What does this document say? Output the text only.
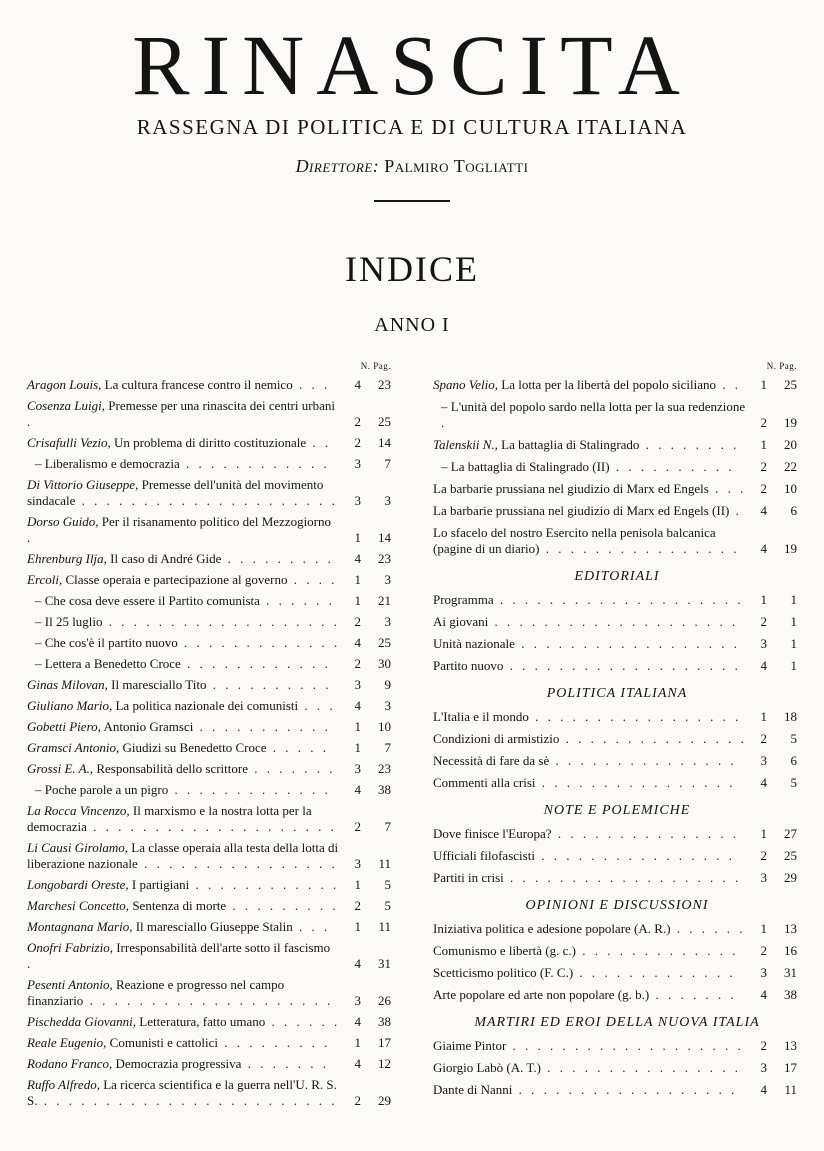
RINASCITA
RASSEGNA DI POLITICA E DI CULTURA ITALIANA
Direttore: Palmiro Togliatti
INDICE
ANNO I
N. Pag.
Aragon Louis, La cultura francese contro il nemico . . .	4 23
Cosenza Luigi, Premesse per una rinascita dei centri urbani .	2 25
Crisafulli Vezio, Un problema di diritto costituzionale . .	2 14
– Liberalismo e democrazia . . . . . . . . . . . .	3 7
Di Vittorio Giuseppe, Premesse dell'unità del movimento sindacale . . . . . . . . . . . . . . . . . . . . .	3 3
Dorso Guido, Per il risanamento politico del Mezzogiorno .	1 14
Ehrenburg Ilja, Il caso di André Gide . . . . . . . . .	4 23
Ercoli, Classe operaia e partecipazione al governo . . . .	1 3
– Che cosa deve essere il Partito comunista . . . . . .	1 21
– Il 25 luglio . . . . . . . . . . . . . . . . . . .	2 3
– Che cos'è il partito nuovo . . . . . . . . . . . . .	4 25
– Lettera a Benedetto Croce . . . . . . . . . . . .	2 30
Ginas Milovan, Il maresciallo Tito . . . . . . . . . .	3 9
Giuliano Mario, La politica nazionale dei comunisti . . .	4 3
Gobetti Piero, Antonio Gramsci . . . . . . . . . . .	1 10
Gramsci Antonio, Giudizi su Benedetto Croce . . . . .	1 7
Grossi E. A., Responsabilità dello scrittore . . . . . . .	3 23
– Poche parole a un pigro . . . . . . . . . . . . .	4 38
La Rocca Vincenzo, Il marxismo e la nostra lotta per la democrazia . . . . . . . . . . . . . . . . . . . .	2 7
Li Causi Girolamo, La classe operaia alla testa della lotta di liberazione nazionale . . . . . . . . . . . . . . . .	3 11
Longobardi Oreste, I partigiani . . . . . . . . . . . .	1 5
Marchesi Concetto, Sentenza di morte . . . . . . . . .	2 5
Montagnana Mario, Il maresciallo Giuseppe Stalin . . .	1 11
Onofri Fabrizio, Irresponsabilità dell'arte sotto il fascismo .	4 31
Pesenti Antonio, Reazione e progresso nel campo finanziario . . . . . . . . . . . . . . . . . . . .	3 26
Pischedda Giovanni, Letteratura, fatto umano . . . . . .	4 38
Reale Eugenio, Comunisti e cattolici . . . . . . . . .	1 17
Rodano Franco, Democrazia progressiva . . . . . . .	4 12
Ruffo Alfredo, La ricerca scientifica e la guerra nell'U. R. S. S. . . . . . . . . . . . . . . . . . . . . . . . .	2 29
N. Pag.
Spano Velio, La lotta per la libertà del popolo siciliano . .	1 25
– L'unità del popolo sardo nella lotta per la sua redenzione .	2 19
Talenskii N., La battaglia di Stalingrado . . . . . . . .	1 20
– La battaglia di Stalingrado (II) . . . . . . . . . .	2 22
La barbarie prussiana nel giudizio di Marx ed Engels . . .	2 10
La barbarie prussiana nel giudizio di Marx ed Engels (II) .	4 6
Lo sfacelo del nostro Esercito nella penisola balcanica (pagine di un diario) . . . . . . . . . . . . . . . .	4 19
EDITORIALI
Programma . . . . . . . . . . . . . . . . . . . .	1 1
Ai giovani . . . . . . . . . . . . . . . . . . . .	2 1
Unità nazionale . . . . . . . . . . . . . . . . . .	3 1
Partito nuovo . . . . . . . . . . . . . . . . . . .	4 1
POLITICA ITALIANA
L'Italia e il mondo . . . . . . . . . . . . . . . . .	1 18
Condizioni di armistizio . . . . . . . . . . . . . . .	2 5
Necessità di fare da sè . . . . . . . . . . . . . . .	3 6
Commenti alla crisi . . . . . . . . . . . . . . . .	4 5
NOTE E POLEMICHE
Dove finisce l'Europa? . . . . . . . . . . . . . . .	1 27
Ufficiali filofascisti . . . . . . . . . . . . . . . .	2 25
Partiti in crisi . . . . . . . . . . . . . . . . . . .	3 29
OPINIONI E DISCUSSIONI
Iniziativa politica e adesione popolare (A. R.) . . . . . .	1 13
Comunismo e libertà (g. c.) . . . . . . . . . . . . .	2 16
Scetticismo politico (F. C.) . . . . . . . . . . . . .	3 31
Arte popolare ed arte non popolare (g. b.) . . . . . . .	4 38
MARTIRI ED EROI DELLA NUOVA ITALIA
Giaime Pintor . . . . . . . . . . . . . . . . . . .	2 13
Giorgio Labò (A. T.) . . . . . . . . . . . . . . . .	3 17
Dante di Nanni . . . . . . . . . . . . . . . . . .	4 11
